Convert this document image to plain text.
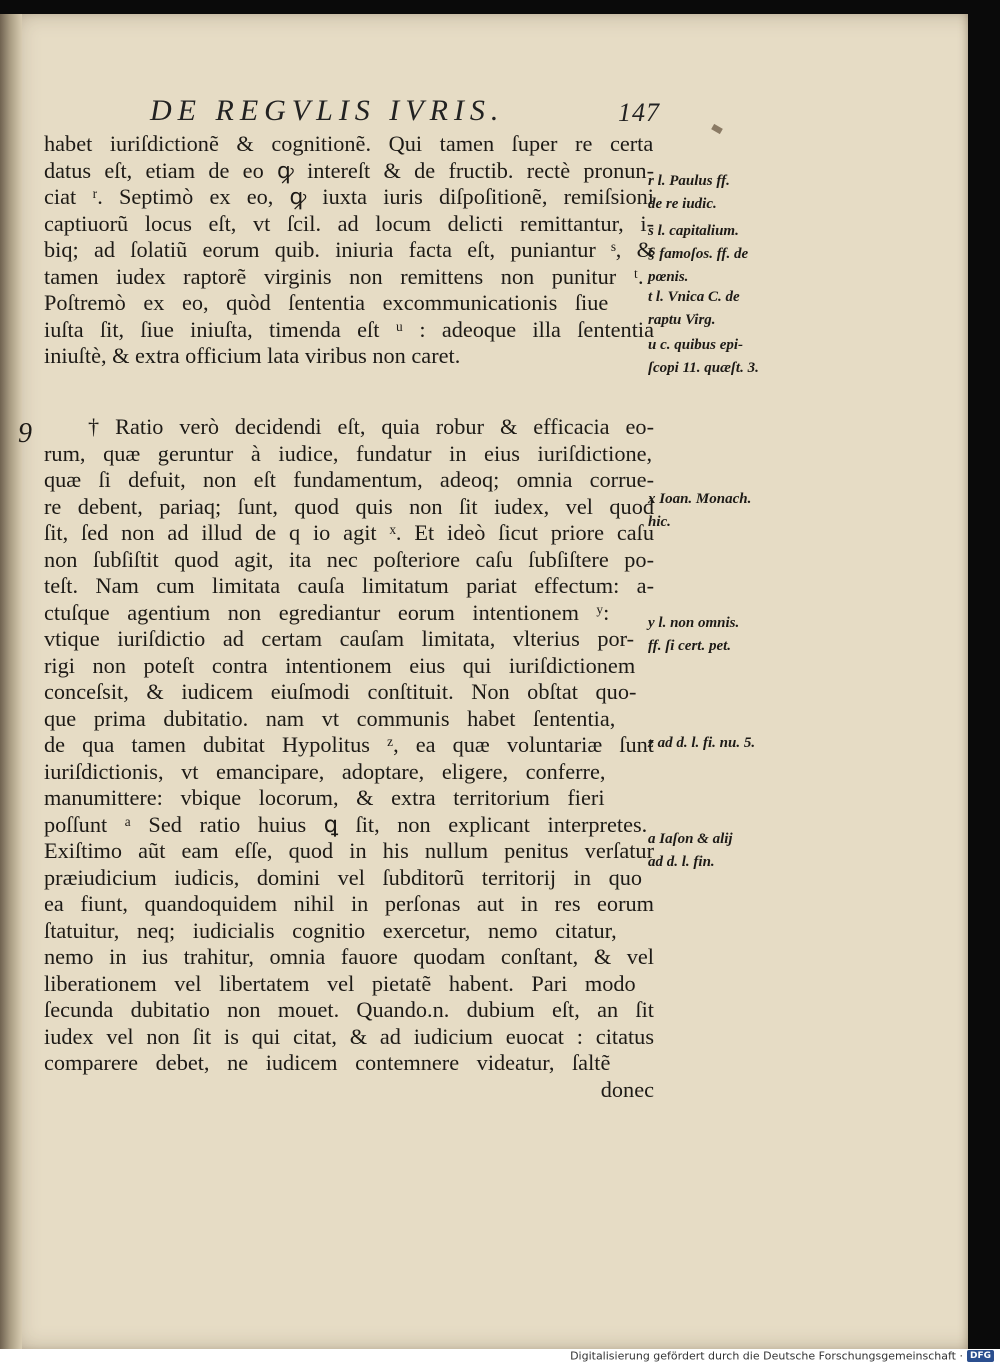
DE REGVLIS IVRIS.	147
habet iuriſdictionẽ & cognitionẽ. Qui tamen ſuper re certa
datus eſt, etiam de eo ꝙ intereſt & de fructib. rectè pronun-
ciat ʳ. Septimò ex eo, ꝙ iuxta iuris diſpoſitionẽ, remiſsioni
captiuorũ locus eſt, vt ſcil. ad locum delicti remittantur, i-
biq; ad ſolatiũ eorum quib. iniuria facta eſt, puniantur ˢ, &
tamen iudex raptorẽ virginis non remittens non punitur ᵗ.
Poſtremò ex eo, quòd ſententia excommunicationis ſiue
iuſta ſit, ſiue iniuſta, timenda eſt ᵘ : adeoque illa ſententia
iniuſtè, & extra officium lata viribus non caret.
9	† Ratio verò decidendi eſt, quia robur & efficacia eo-
rum, quæ geruntur à iudice, fundatur in eius iuriſdictione,
quæ ſi defuit, non eſt fundamentum, adeoq; omnia corrue-
re debent, pariaq; ſunt, quod quis non ſit iudex, vel quod
ſit, ſed non ad illud de q io agit ˣ. Et ideò ſicut priore caſu
non ſubſiſtit quod agit, ita nec poſteriore caſu ſubſiſtere po-
teſt. Nam cum limitata cauſa limitatum pariat effectum: a-
ctuſque agentium non egrediantur eorum intentionem ʸ:
vtique iuriſdictio ad certam cauſam limitata, vlterius por-
rigi non poteſt contra intentionem eius qui iuriſdictionem
conceſsit, & iudicem eiuſmodi conſtituit. Non obſtat quo-
que prima dubitatio. nam vt communis habet ſententia,
de qua tamen dubitat Hypolitus ᶻ, ea quæ voluntariæ ſunt
iuriſdictionis, vt emancipare, adoptare, eligere, conferre,
manumittere: vbique locorum, & extra territorium fieri
poſſunt ᵃ Sed ratio huius ꝗ ſit, non explicant interpretes.
Exiſtimo aũt eam eſſe, quod in his nullum penitus verſatur
præiudicium iudicis, domini vel ſubditorũ territorij in quo
ea fiunt, quandoquidem nihil in perſonas aut in res eorum
ſtatuitur, neq; iudicialis cognitio exercetur, nemo citatur,
nemo in ius trahitur, omnia fauore quodam conſtant, & vel
liberationem vel libertatem vel pietatẽ habent. Pari modo
ſecunda dubitatio non mouet. Quando.n. dubium eſt, an ſit
iudex vel non ſit is qui citat, & ad iudicium euocat : citatus
comparere debet, ne iudicem contemnere videatur, ſaltẽ
donec
r l. Paulus ff.
de re iudic.
s l. capitalium.
§ famoſos. ff. de
pœnis.
t l. Vnica C. de
raptu Virg.
u c. quibus epi-
ſcopi 11. quæſt. 3.
x Ioan. Monach.
hic.
y l. non omnis.
ff. ſi cert. pet.
z ad d. l. fi. nu. 5.
a Iaſon & alij
ad d. l. fin.
Digitalisierung gefördert durch die Deutsche Forschungsgemeinschaft · DFG
